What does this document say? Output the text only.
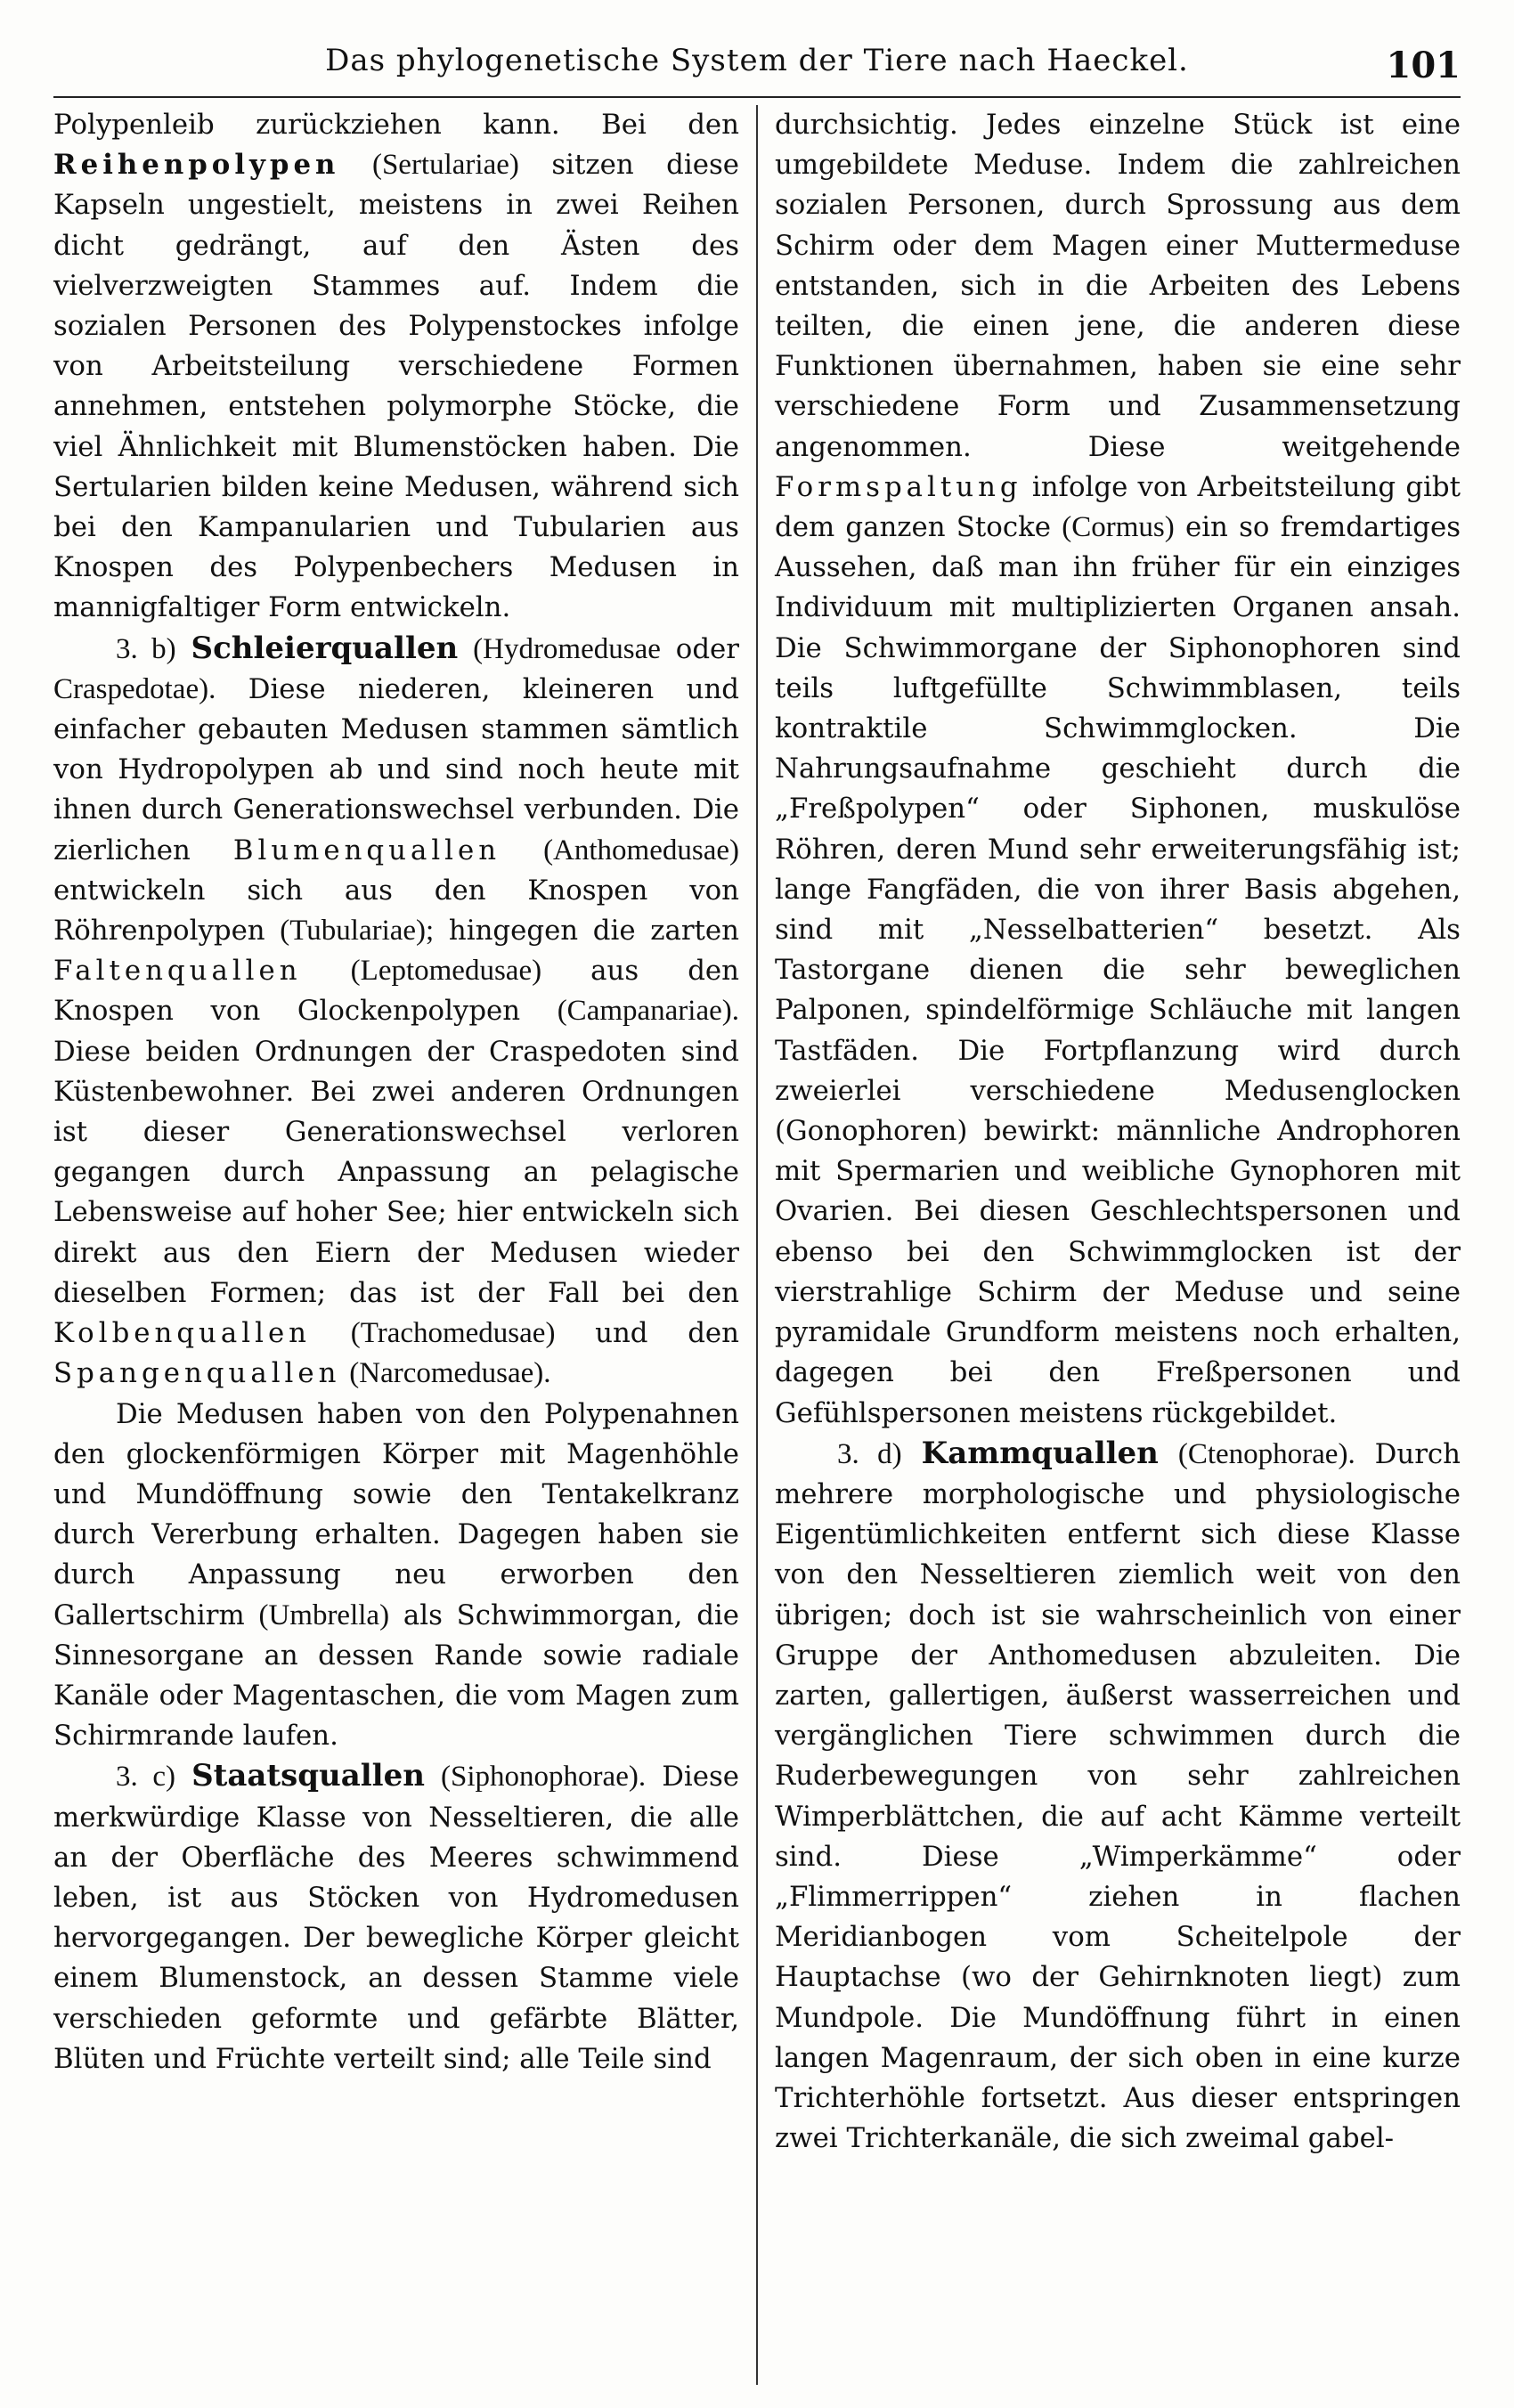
Das phylogenetische System der Tiere nach Haeckel.	101

Polypenleib zurückziehen kann. Bei den Reihenpolypen (Sertulariae) sitzen diese Kapseln ungestielt, meistens in zwei Reihen dicht gedrängt, auf den Ästen des vielverzweigten Stammes auf. Indem die sozialen Personen des Polypenstockes infolge von Arbeitsteilung verschiedene Formen annehmen, entstehen polymorphe Stöcke, die viel Ähnlichkeit mit Blumenstöcken haben. Die Sertularien bilden keine Medusen, während sich bei den Kampanularien und Tubularien aus Knospen des Polypenbechers Medusen in mannigfaltiger Form entwickeln.

3. b) Schleierquallen (Hydromedusae oder Craspedotae). Diese niederen, kleineren und einfacher gebauten Medusen stammen sämtlich von Hydropolypen ab und sind noch heute mit ihnen durch Generationswechsel verbunden. Die zierlichen Blumenquallen (Anthomedusae) entwickeln sich aus den Knospen von Röhrenpolypen (Tubulariae); hingegen die zarten Faltenquallen (Leptomedusae) aus den Knospen von Glockenpolypen (Campanariae). Diese beiden Ordnungen der Craspedoten sind Küstenbewohner. Bei zwei anderen Ordnungen ist dieser Generationswechsel verloren gegangen durch Anpassung an pelagische Lebensweise auf hoher See; hier entwickeln sich direkt aus den Eiern der Medusen wieder dieselben Formen; das ist der Fall bei den Kolbenquallen (Trachomedusae) und den Spangenquallen (Narcomedusae).

Die Medusen haben von den Polypenahnen den glockenförmigen Körper mit Magenhöhle und Mundöffnung sowie den Tentakelkranz durch Vererbung erhalten. Dagegen haben sie durch Anpassung neu erworben den Gallertschirm (Umbrella) als Schwimmorgan, die Sinnesorgane an dessen Rande sowie radiale Kanäle oder Magentaschen, die vom Magen zum Schirmrande laufen.

3. c) Staatsquallen (Siphonophorae). Diese merkwürdige Klasse von Nesseltieren, die alle an der Oberfläche des Meeres schwimmend leben, ist aus Stöcken von Hydromedusen hervorgegangen. Der bewegliche Körper gleicht einem Blumenstock, an dessen Stamme viele verschieden geformte und gefärbte Blätter, Blüten und Früchte verteilt sind; alle Teile sind

durchsichtig. Jedes einzelne Stück ist eine umgebildete Meduse. Indem die zahlreichen sozialen Personen, durch Sprossung aus dem Schirm oder dem Magen einer Muttermeduse entstanden, sich in die Arbeiten des Lebens teilten, die einen jene, die anderen diese Funktionen übernahmen, haben sie eine sehr verschiedene Form und Zusammensetzung angenommen. Diese weitgehende Formspaltung infolge von Arbeitsteilung gibt dem ganzen Stocke (Cormus) ein so fremdartiges Aussehen, daß man ihn früher für ein einziges Individuum mit multiplizierten Organen ansah. Die Schwimmorgane der Siphonophoren sind teils luftgefüllte Schwimmblasen, teils kontraktile Schwimmglocken. Die Nahrungsaufnahme geschieht durch die „Freßpolypen“ oder Siphonen, muskulöse Röhren, deren Mund sehr erweiterungsfähig ist; lange Fangfäden, die von ihrer Basis abgehen, sind mit „Nesselbatterien“ besetzt. Als Tastorgane dienen die sehr beweglichen Palponen, spindelförmige Schläuche mit langen Tastfäden. Die Fortpflanzung wird durch zweierlei verschiedene Medusenglocken (Gonophoren) bewirkt: männliche Androphoren mit Spermarien und weibliche Gynophoren mit Ovarien. Bei diesen Geschlechtspersonen und ebenso bei den Schwimmglocken ist der vierstrahlige Schirm der Meduse und seine pyramidale Grundform meistens noch erhalten, dagegen bei den Freßpersonen und Gefühlspersonen meistens rückgebildet.

3. d) Kammquallen (Ctenophorae). Durch mehrere morphologische und physiologische Eigentümlichkeiten entfernt sich diese Klasse von den Nesseltieren ziemlich weit von den übrigen; doch ist sie wahrscheinlich von einer Gruppe der Anthomedusen abzuleiten. Die zarten, gallertigen, äußerst wasserreichen und vergänglichen Tiere schwimmen durch die Ruderbewegungen von sehr zahlreichen Wimperblättchen, die auf acht Kämme verteilt sind. Diese „Wimperkämme“ oder „Flimmerrippen“ ziehen in flachen Meridianbogen vom Scheitelpole der Hauptachse (wo der Gehirnknoten liegt) zum Mundpole. Die Mundöffnung führt in einen langen Magenraum, der sich oben in eine kurze Trichterhöhle fortsetzt. Aus dieser entspringen zwei Trichterkanäle, die sich zweimal gabel-
